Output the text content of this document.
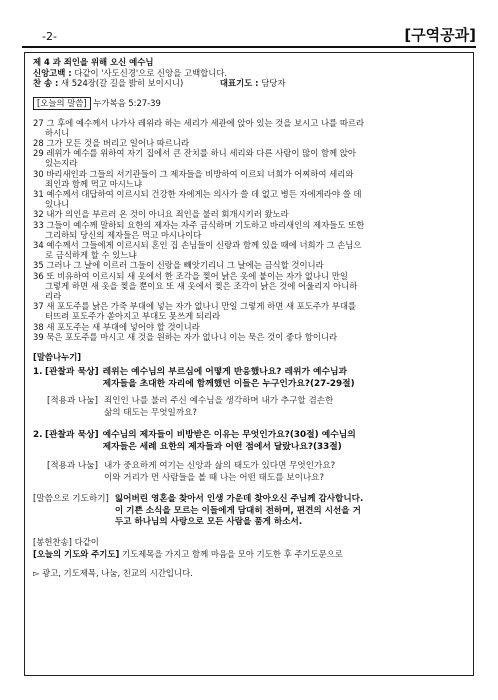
-2-	[구역공과]
제 4 과 죄인을 위해 오신 예수님
신앙고백 : 다같이 '사도신경'으로 신앙을 고백합니다.
찬 송 : 새 524장(갈 길을 밝히 보이시니)	대표기도 : 담당자
[오늘의 말씀] 누가복음 5:27-39
27 그 후에 예수께서 나가사 레위라 하는 세리가 세관에 앉아 있는 것을 보시고 나를 따르라
하시니
28 그가 모든 것을 버리고 일어나 따르니라
29 레위가 예수를 위하여 자기 집에서 큰 잔치를 하니 세리와 다른 사람이 많이 함께 앉아
있는지라
30 바리새인과 그들의 서기관들이 그 제자들을 비방하여 이르되 너희가 어찌하여 세리와
죄인과 함께 먹고 마시느냐
31 예수께서 대답하여 이르시되 건강한 자에게는 의사가 쓸 데 없고 병든 자에게라야 쓸 데
있나니
32 내가 의인을 부르러 온 것이 아니요 죄인을 불러 회개시키러 왔노라
33 그들이 예수께 말하되 요한의 제자는 자주 금식하며 기도하고 바리새인의 제자들도 또한
그리하되 당신의 제자들은 먹고 마시나이다
34 예수께서 그들에게 이르시되 혼인 집 손님들이 신랑과 함께 있을 때에 너희가 그 손님으
로 금식하게 할 수 있느냐
35 그러나 그 날에 이르러 그들이 신랑을 빼앗기리니 그 날에는 금식할 것이니라
36 또 비유하여 이르시되 새 옷에서 한 조각을 찢어 낡은 옷에 붙이는 자가 없나니 만일
그렇게 하면 새 옷을 찢을 뿐이요 또 새 옷에서 찢은 조각이 낡은 것에 어울리지 아니하
리라
37 새 포도주를 낡은 가죽 부대에 넣는 자가 없나니 만일 그렇게 하면 새 포도주가 부대를
터뜨려 포도주가 쏟아지고 부대도 못쓰게 되리라
38 새 포도주는 새 부대에 넣어야 할 것이니라
39 묵은 포도주를 마시고 새 것을 원하는 자가 없나니 이는 묵은 것이 좋다 함이니라
[말씀나누기]
1. [관찰과 묵상] 레위는 예수님의 부르심에 어떻게 반응했나요? 레위가 예수님과
제자들을 초대한 자리에 함께했던 이들은 누구인가요?(27-29절)
[적용과 나눔] 죄인인 나를 불러 주신 예수님을 생각하며 내가 추구할 겸손한
삶의 태도는 무엇일까요?
2. [관찰과 묵상] 예수님의 제자들이 비방받은 이유는 무엇인가요?(30절) 예수님의
제자들은 세례 요한의 제자들과 어떤 점에서 달랐나요?(33절)
[적용과 나눔] 내가 중요하게 여기는 신앙과 삶의 태도가 있다면 무엇인가요?
이와 거리가 먼 사람들을 볼 때 나는 어떤 태도를 보이나요?
[말씀으로 기도하기] 잃어버린 영혼을 찾아서 인생 가운데 찾아오신 주님께 감사합니다.
이 기쁜 소식을 모르는 이들에게 담대히 전하며, 편견의 시선을 거
두고 하나님의 사랑으로 모든 사람을 품게 하소서.
[봉헌찬송] 다같이
[오늘의 기도와 주기도] 기도제목을 가지고 함께 마음을 모아 기도한 후 주기도문으로
▻ 광고, 기도제목, 나눔, 친교의 시간입니다.
